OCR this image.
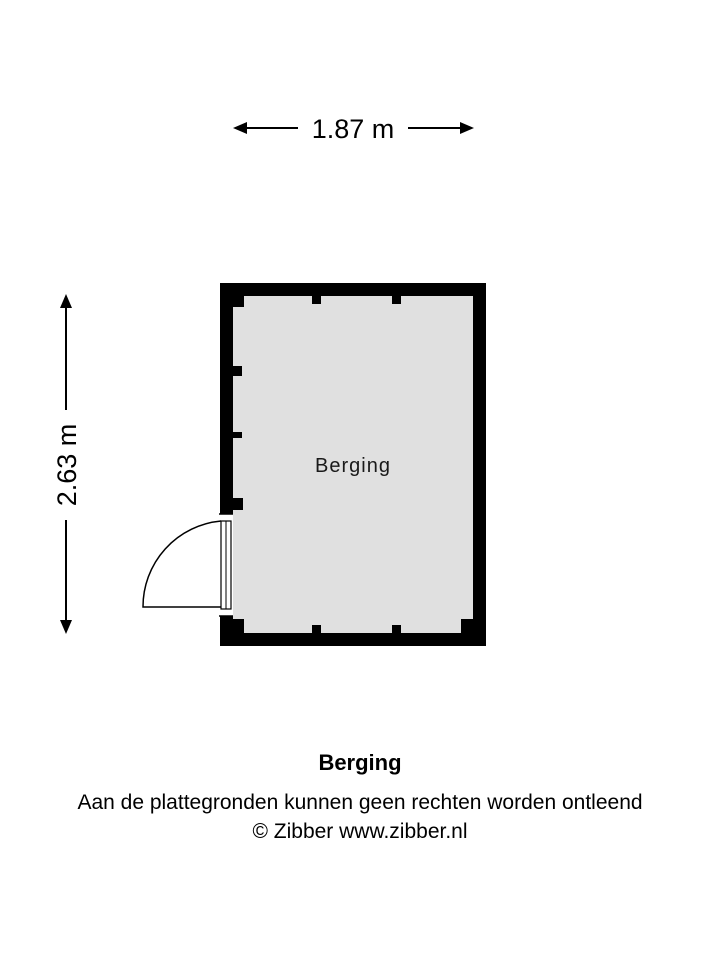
1.87 m
2.63 m	Berging
Berging
Aan de plattegronden kunnen geen rechten worden ontleend
© Zibber www.zibber.nl
